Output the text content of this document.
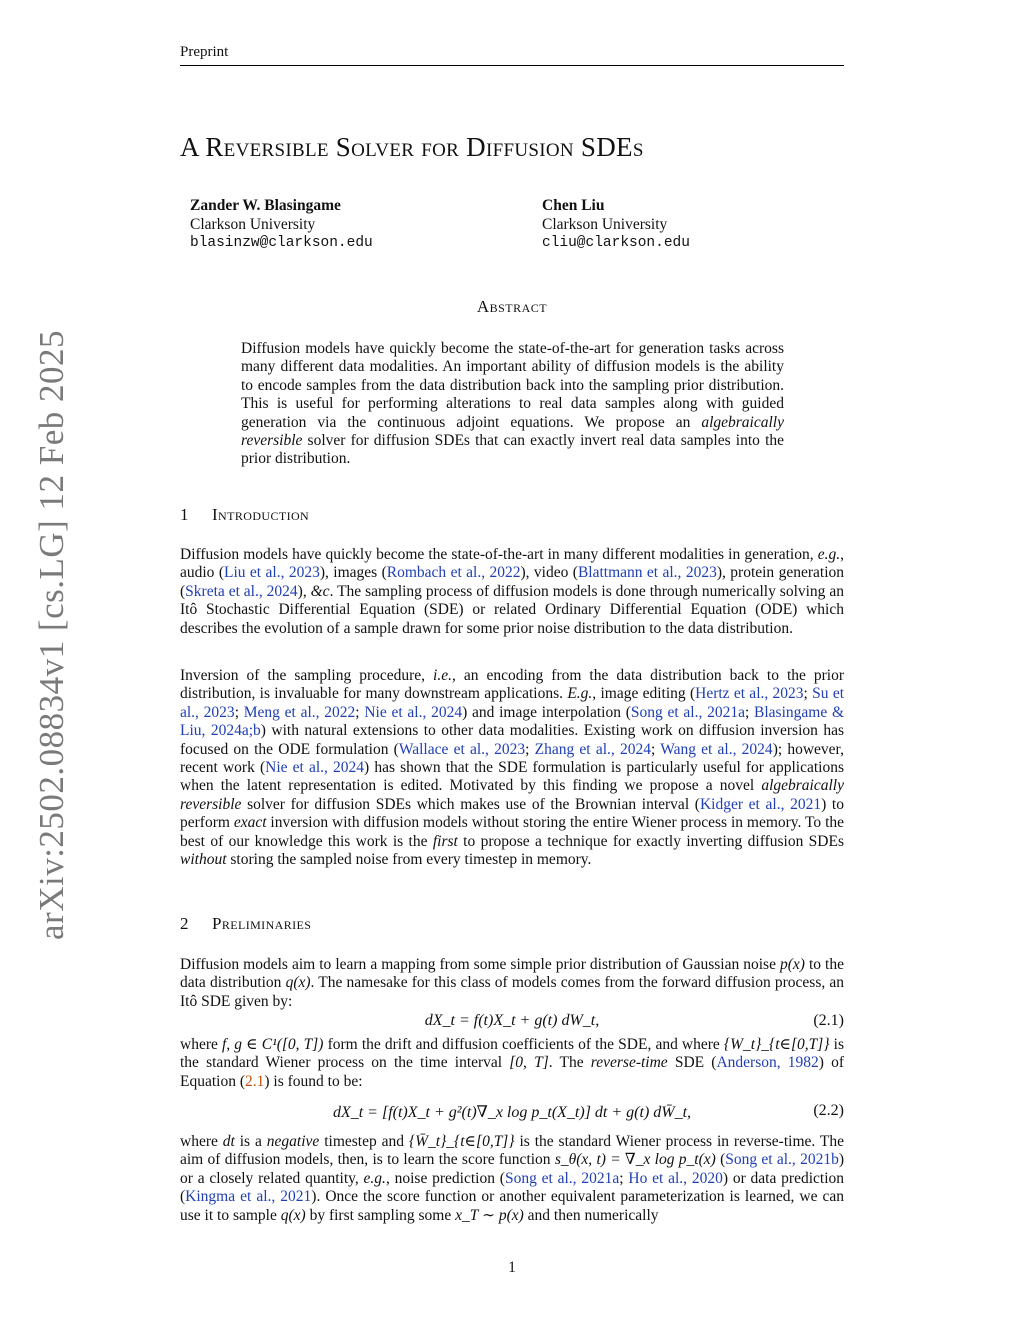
Preprint
A Reversible Solver for Diffusion SDEs
Zander W. Blasingame
Clarkson University
blasinzw@clarkson.edu
Chen Liu
Clarkson University
cliu@clarkson.edu
Abstract
Diffusion models have quickly become the state-of-the-art for generation tasks across many different data modalities. An important ability of diffusion models is the ability to encode samples from the data distribution back into the sampling prior distribution. This is useful for performing alterations to real data samples along with guided generation via the continuous adjoint equations. We propose an algebraically reversible solver for diffusion SDEs that can exactly invert real data samples into the prior distribution.
1 Introduction
Diffusion models have quickly become the state-of-the-art in many different modalities in generation, e.g., audio (Liu et al., 2023), images (Rombach et al., 2022), video (Blattmann et al., 2023), protein generation (Skreta et al., 2024), &c. The sampling process of diffusion models is done through numerically solving an Itô Stochastic Differential Equation (SDE) or related Ordinary Differential Equation (ODE) which describes the evolution of a sample drawn for some prior noise distribution to the data distribution.
Inversion of the sampling procedure, i.e., an encoding from the data distribution back to the prior distribution, is invaluable for many downstream applications. E.g., image editing (Hertz et al., 2023; Su et al., 2023; Meng et al., 2022; Nie et al., 2024) and image interpolation (Song et al., 2021a; Blasingame & Liu, 2024a;b) with natural extensions to other data modalities. Existing work on diffusion inversion has focused on the ODE formulation (Wallace et al., 2023; Zhang et al., 2024; Wang et al., 2024); however, recent work (Nie et al., 2024) has shown that the SDE formulation is particularly useful for applications when the latent representation is edited. Motivated by this finding we propose a novel algebraically reversible solver for diffusion SDEs which makes use of the Brownian interval (Kidger et al., 2021) to perform exact inversion with diffusion models without storing the entire Wiener process in memory. To the best of our knowledge this work is the first to propose a technique for exactly inverting diffusion SDEs without storing the sampled noise from every timestep in memory.
2 Preliminaries
Diffusion models aim to learn a mapping from some simple prior distribution of Gaussian noise p(x) to the data distribution q(x). The namesake for this class of models comes from the forward diffusion process, an Itô SDE given by:
dX_t = f(t)X_t + g(t) dW_t,	(2.1)
where f, g ∈ C¹([0, T]) form the drift and diffusion coefficients of the SDE, and where {W_t}_{t∈[0,T]} is the standard Wiener process on the time interval [0, T]. The reverse-time SDE (Anderson, 1982) of Equation (2.1) is found to be:
dX_t = [f(t)X_t + g²(t)∇_x log p_t(X_t)] dt + g(t) dW̄_t,	(2.2)
where dt is a negative timestep and {W̄_t}_{t∈[0,T]} is the standard Wiener process in reverse-time. The aim of diffusion models, then, is to learn the score function s_θ(x, t) = ∇_x log p_t(x) (Song et al., 2021b) or a closely related quantity, e.g., noise prediction (Song et al., 2021a; Ho et al., 2020) or data prediction (Kingma et al., 2021). Once the score function or another equivalent parameterization is learned, we can use it to sample q(x) by first sampling some x_T ∼ p(x) and then numerically
arXiv:2502.08834v1 [cs.LG] 12 Feb 2025
1
